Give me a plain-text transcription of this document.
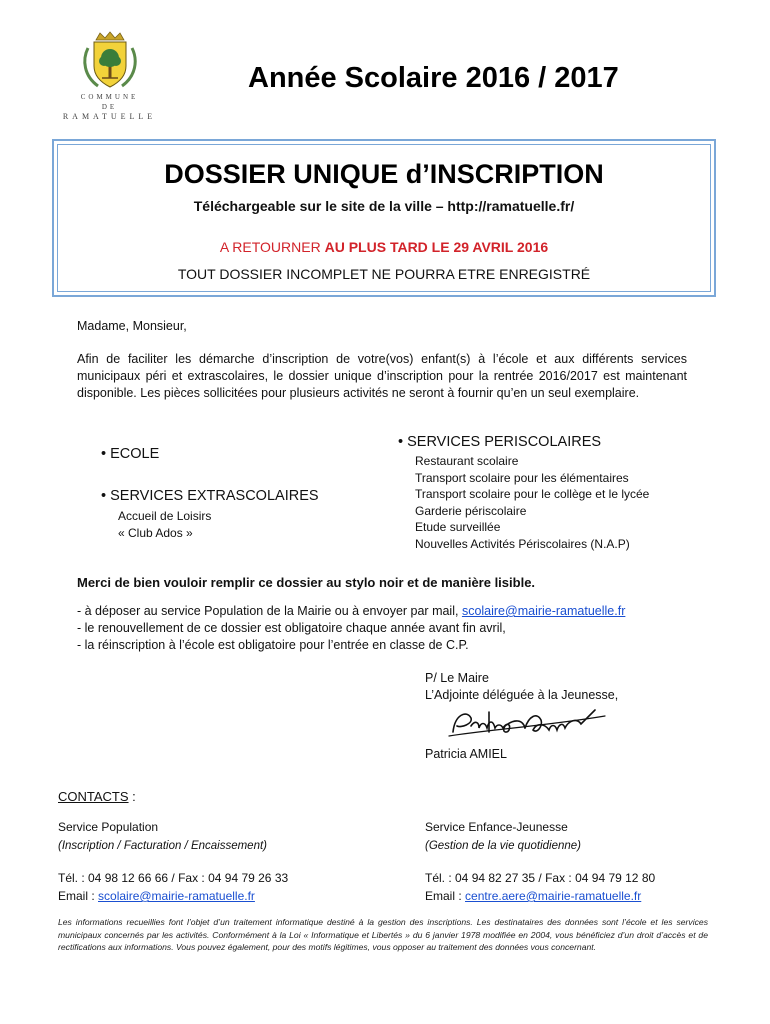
COMMUNE
DE
RAMATUELLE
Année Scolaire 2016 / 2017
DOSSIER UNIQUE d’INSCRIPTION
Téléchargeable sur le site de la ville – http://ramatuelle.fr/
A RETOURNER AU PLUS TARD LE 29 AVRIL 2016
TOUT DOSSIER INCOMPLET NE POURRA ETRE ENREGISTRÉ
Madame, Monsieur,
Afin de faciliter les démarche d’inscription de votre(vos) enfant(s) à l’école et aux différents services municipaux péri et extrascolaires, le dossier unique d’inscription pour la rentrée 2016/2017 est maintenant disponible. Les pièces sollicitées pour plusieurs activités ne seront à fournir qu’en un seul exemplaire.
• ECOLE
• SERVICES EXTRASCOLAIRES
Accueil de Loisirs
« Club Ados »
• SERVICES PERISCOLAIRES
Restaurant scolaire
Transport scolaire pour les élémentaires
Transport scolaire pour le collège et le lycée
Garderie périscolaire
Etude surveillée
Nouvelles Activités Périscolaires (N.A.P)
Merci de bien vouloir remplir ce dossier au stylo noir et de manière lisible.
- à déposer au service Population de la Mairie ou à envoyer par mail, scolaire@mairie-ramatuelle.fr
- le renouvellement de ce dossier est obligatoire chaque année avant fin avril,
- la réinscription à l’école est obligatoire pour l’entrée en classe de C.P.
P/ Le Maire
L’Adjointe déléguée à la Jeunesse,
Patricia AMIEL
CONTACTS :
Service Population
(Inscription / Facturation / Encaissement)
Tél. : 04 98 12 66 66 / Fax : 04 94 79 26 33
Email : scolaire@mairie-ramatuelle.fr
Service Enfance-Jeunesse
(Gestion de la vie quotidienne)
Tél. : 04 94 82 27 35 / Fax : 04 94 79 12 80
Email : centre.aere@mairie-ramatuelle.fr
Les informations recueillies font l’objet d’un traitement informatique destiné à la gestion des inscriptions. Les destinataires des données sont l’école et les services municipaux concernés par les activités. Conformément à la Loi « Informatique et Libertés » du 6 janvier 1978 modifiée en 2004, vous bénéficiez d’un droit d’accès et de rectifications aux informations. Vous pouvez également, pour des motifs légitimes, vous opposer au traitement des données vous concernant.
